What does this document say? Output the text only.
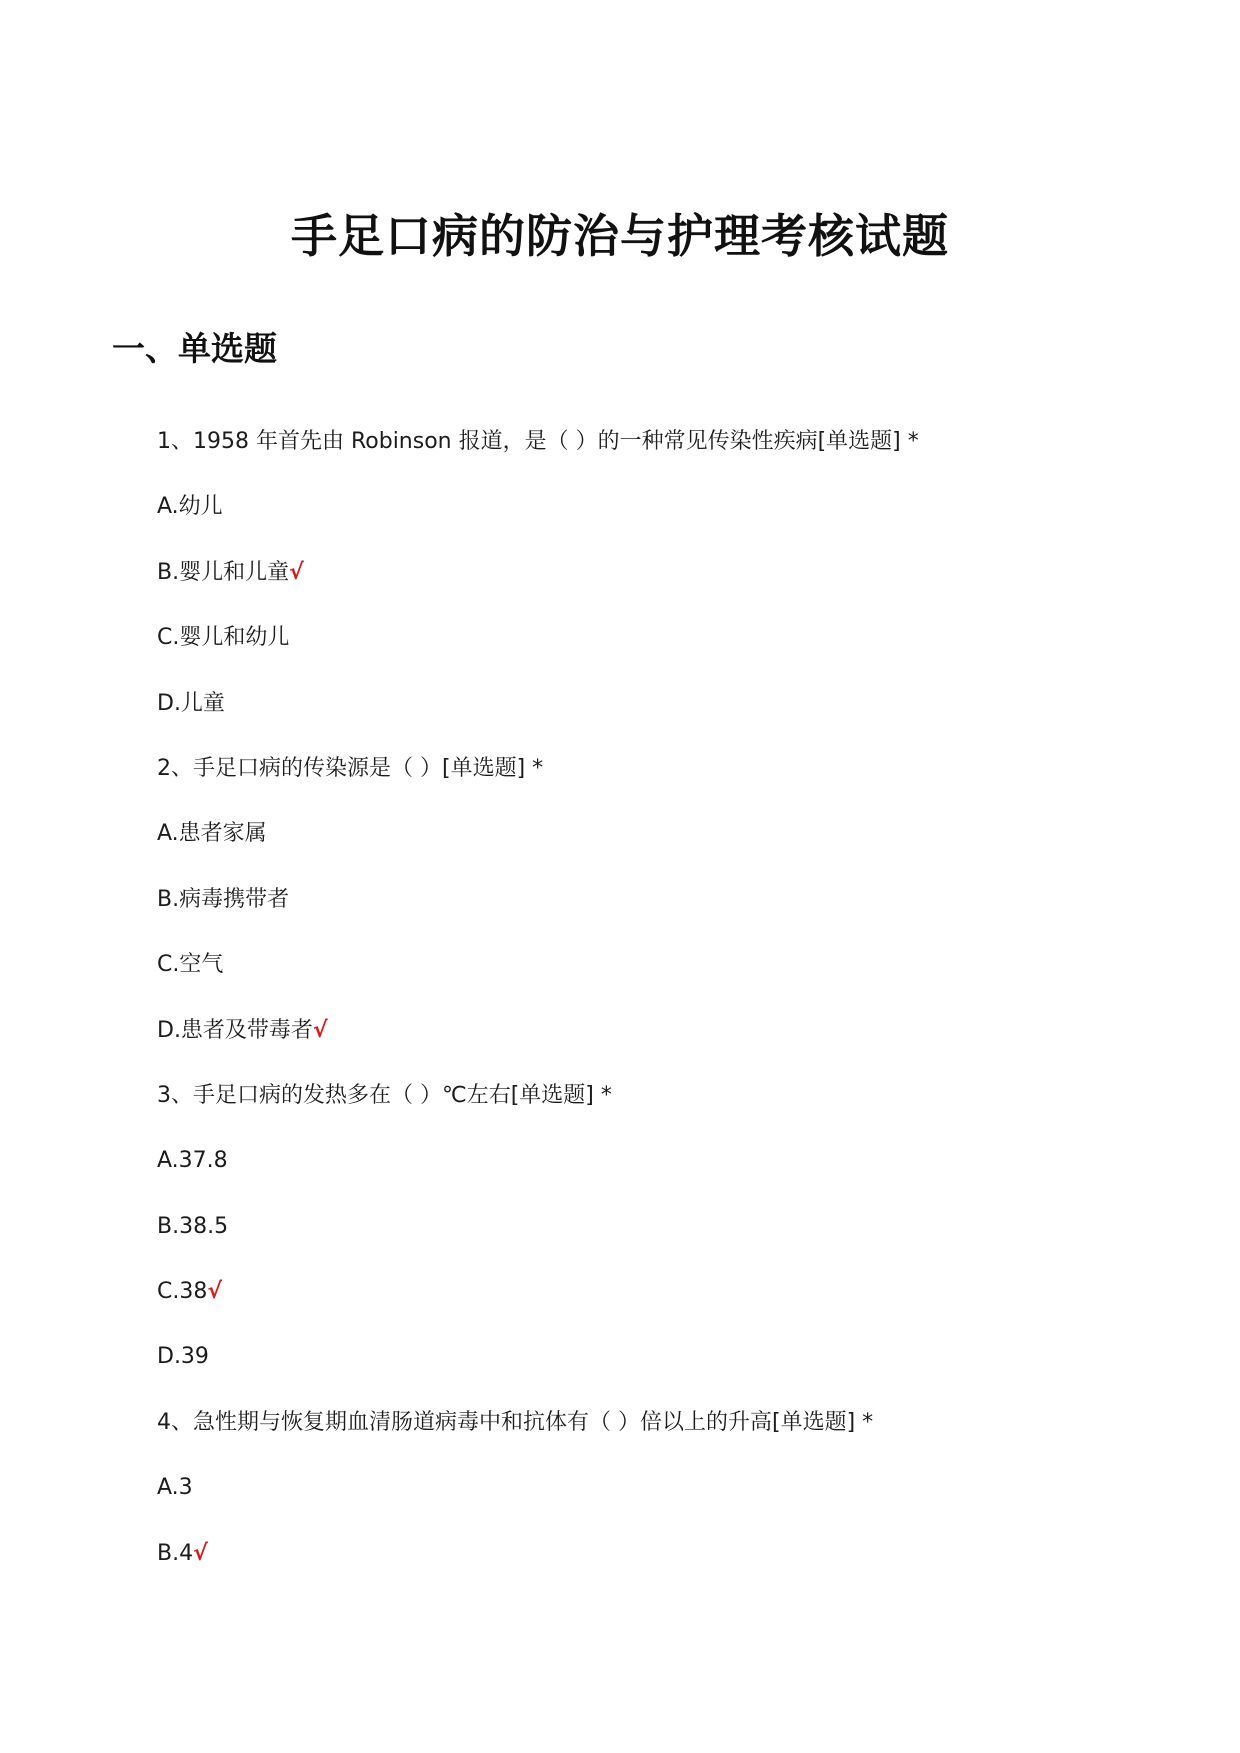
手足口病的防治与护理考核试题
一、单选题
1、1958 年首先由 Robinson 报道，是（ ）的一种常见传染性疾病[单选题] *
A.幼儿
B.婴儿和儿童√
C.婴儿和幼儿
D.儿童
2、手足口病的传染源是（ ）[单选题] *
A.患者家属
B.病毒携带者
C.空气
D.患者及带毒者√
3、手足口病的发热多在（ ）℃左右[单选题] *
A.37.8
B.38.5
C.38√
D.39
4、急性期与恢复期血清肠道病毒中和抗体有（ ）倍以上的升高[单选题] *
A.3
B.4√
